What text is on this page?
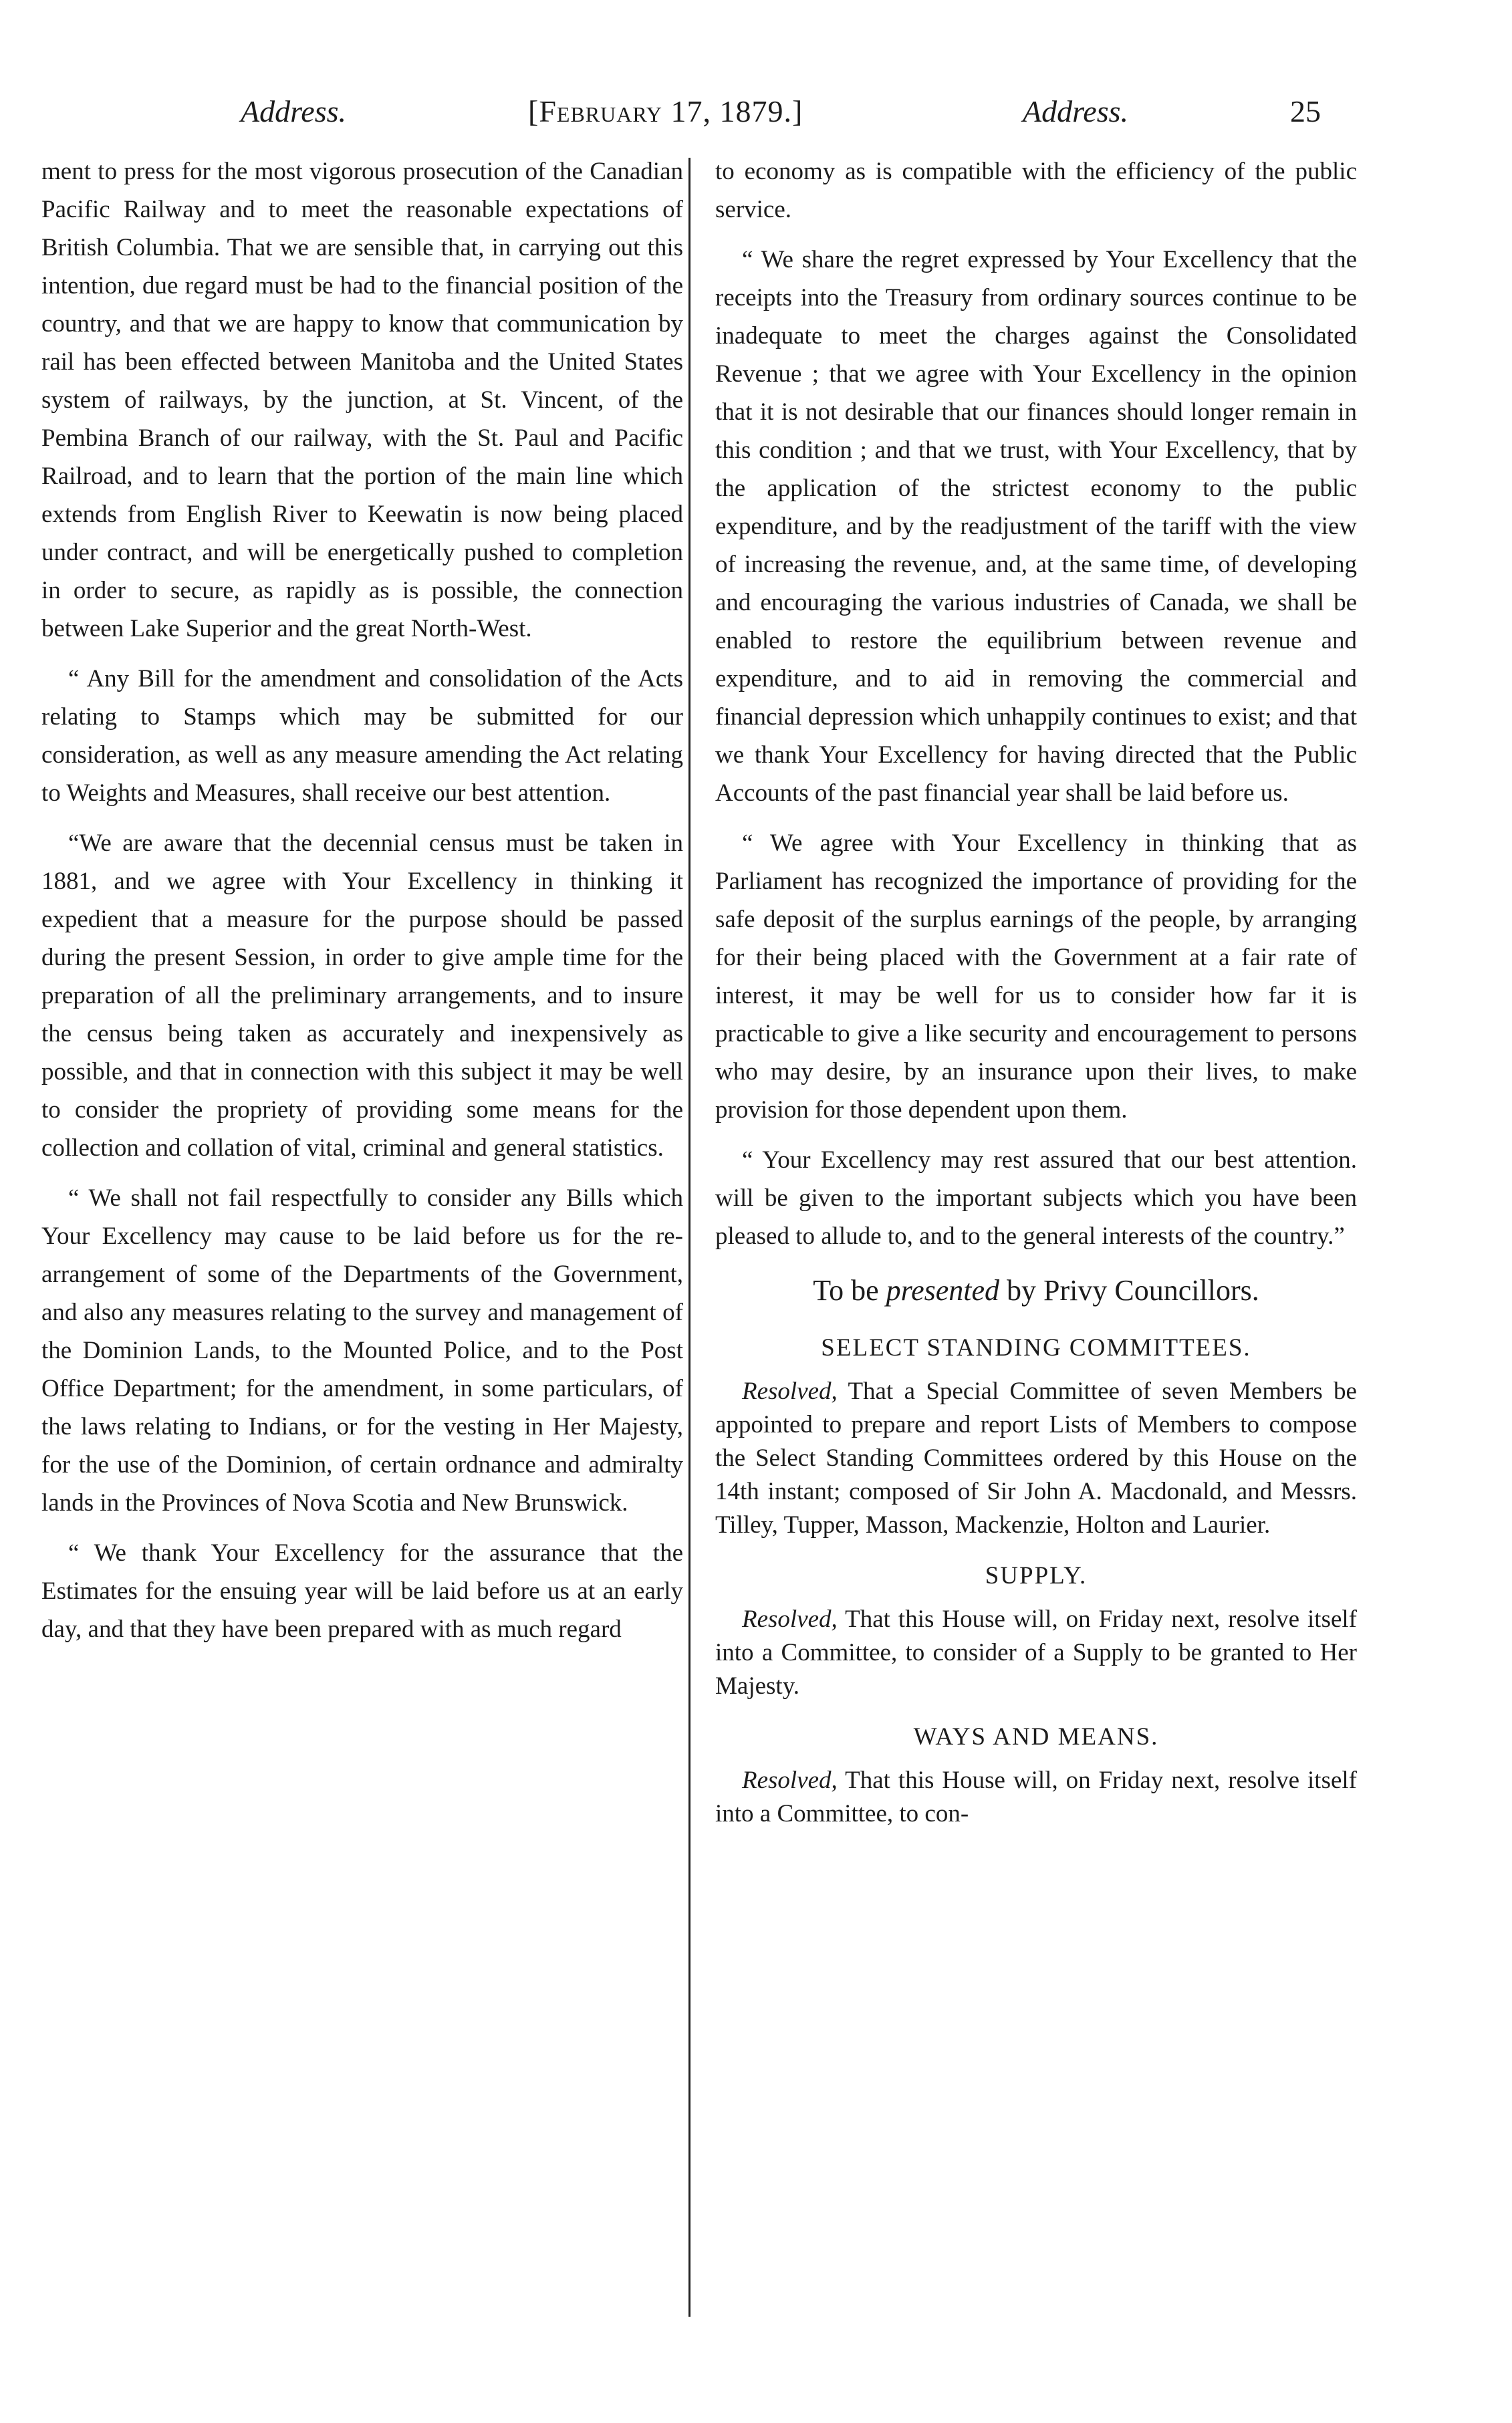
Address.	[February 17, 1879.]	Address.	25

ment to press for the most vigorous prosecution of the Canadian Pacific Railway and to meet the reasonable expectations of British Columbia. That we are sensible that, in carrying out this intention, due regard must be had to the financial position of the country, and that we are happy to know that communication by rail has been effected between Manitoba and the United States system of railways, by the junction, at St. Vincent, of the Pembina Branch of our railway, with the St. Paul and Pacific Railroad, and to learn that the portion of the main line which extends from English River to Keewatin is now being placed under contract, and will be energetically pushed to completion in order to secure, as rapidly as is possible, the connection between Lake Superior and the great North-West.

“ Any Bill for the amendment and consolidation of the Acts relating to Stamps which may be submitted for our consideration, as well as any measure amending the Act relating to Weights and Measures, shall receive our best attention.

“We are aware that the decennial census must be taken in 1881, and we agree with Your Excellency in thinking it expedient that a measure for the purpose should be passed during the present Session, in order to give ample time for the preparation of all the preliminary arrangements, and to insure the census being taken as accurately and inexpensively as possible, and that in connection with this subject it may be well to consider the propriety of providing some means for the collection and collation of vital, criminal and general statistics.

“ We shall not fail respectfully to consider any Bills which Your Excellency may cause to be laid before us for the re-arrangement of some of the Departments of the Government, and also any measures relating to the survey and management of the Dominion Lands, to the Mounted Police, and to the Post Office Department; for the amendment, in some particulars, of the laws relating to Indians, or for the vesting in Her Majesty, for the use of the Dominion, of certain ordnance and admiralty lands in the Provinces of Nova Scotia and New Brunswick.

“ We thank Your Excellency for the assurance that the Estimates for the ensuing year will be laid before us at an early day, and that they have been prepared with as much regard

to economy as is compatible with the efficiency of the public service.

“ We share the regret expressed by Your Excellency that the receipts into the Treasury from ordinary sources continue to be inadequate to meet the charges against the Consolidated Revenue ; that we agree with Your Excellency in the opinion that it is not desirable that our finances should longer remain in this condition ; and that we trust, with Your Excellency, that by the application of the strictest economy to the public expenditure, and by the readjustment of the tariff with the view of increasing the revenue, and, at the same time, of developing and encouraging the various industries of Canada, we shall be enabled to restore the equilibrium between revenue and expenditure, and to aid in removing the commercial and financial depression which unhappily continues to exist; and that we thank Your Excellency for having directed that the Public Accounts of the past financial year shall be laid before us.

“ We agree with Your Excellency in thinking that as Parliament has recognized the importance of providing for the safe deposit of the surplus earnings of the people, by arranging for their being placed with the Government at a fair rate of interest, it may be well for us to consider how far it is practicable to give a like security and encouragement to persons who may desire, by an insurance upon their lives, to make provision for those dependent upon them.

“ Your Excellency may rest assured that our best attention. will be given to the important subjects which you have been pleased to allude to, and to the general interests of the country.”

To be presented by Privy Councillors.
SELECT STANDING COMMITTEES.

Resolved, That a Special Committee of seven Members be appointed to prepare and report Lists of Members to compose the Select Standing Committees ordered by this House on the 14th instant; composed of Sir John A. Macdonald, and Messrs. Tilley, Tupper, Masson, Mackenzie, Holton and Laurier.

SUPPLY.

Resolved, That this House will, on Friday next, resolve itself into a Committee, to consider of a Supply to be granted to Her Majesty.

WAYS AND MEANS.

Resolved, That this House will, on Friday next, resolve itself into a Committee, to con-
